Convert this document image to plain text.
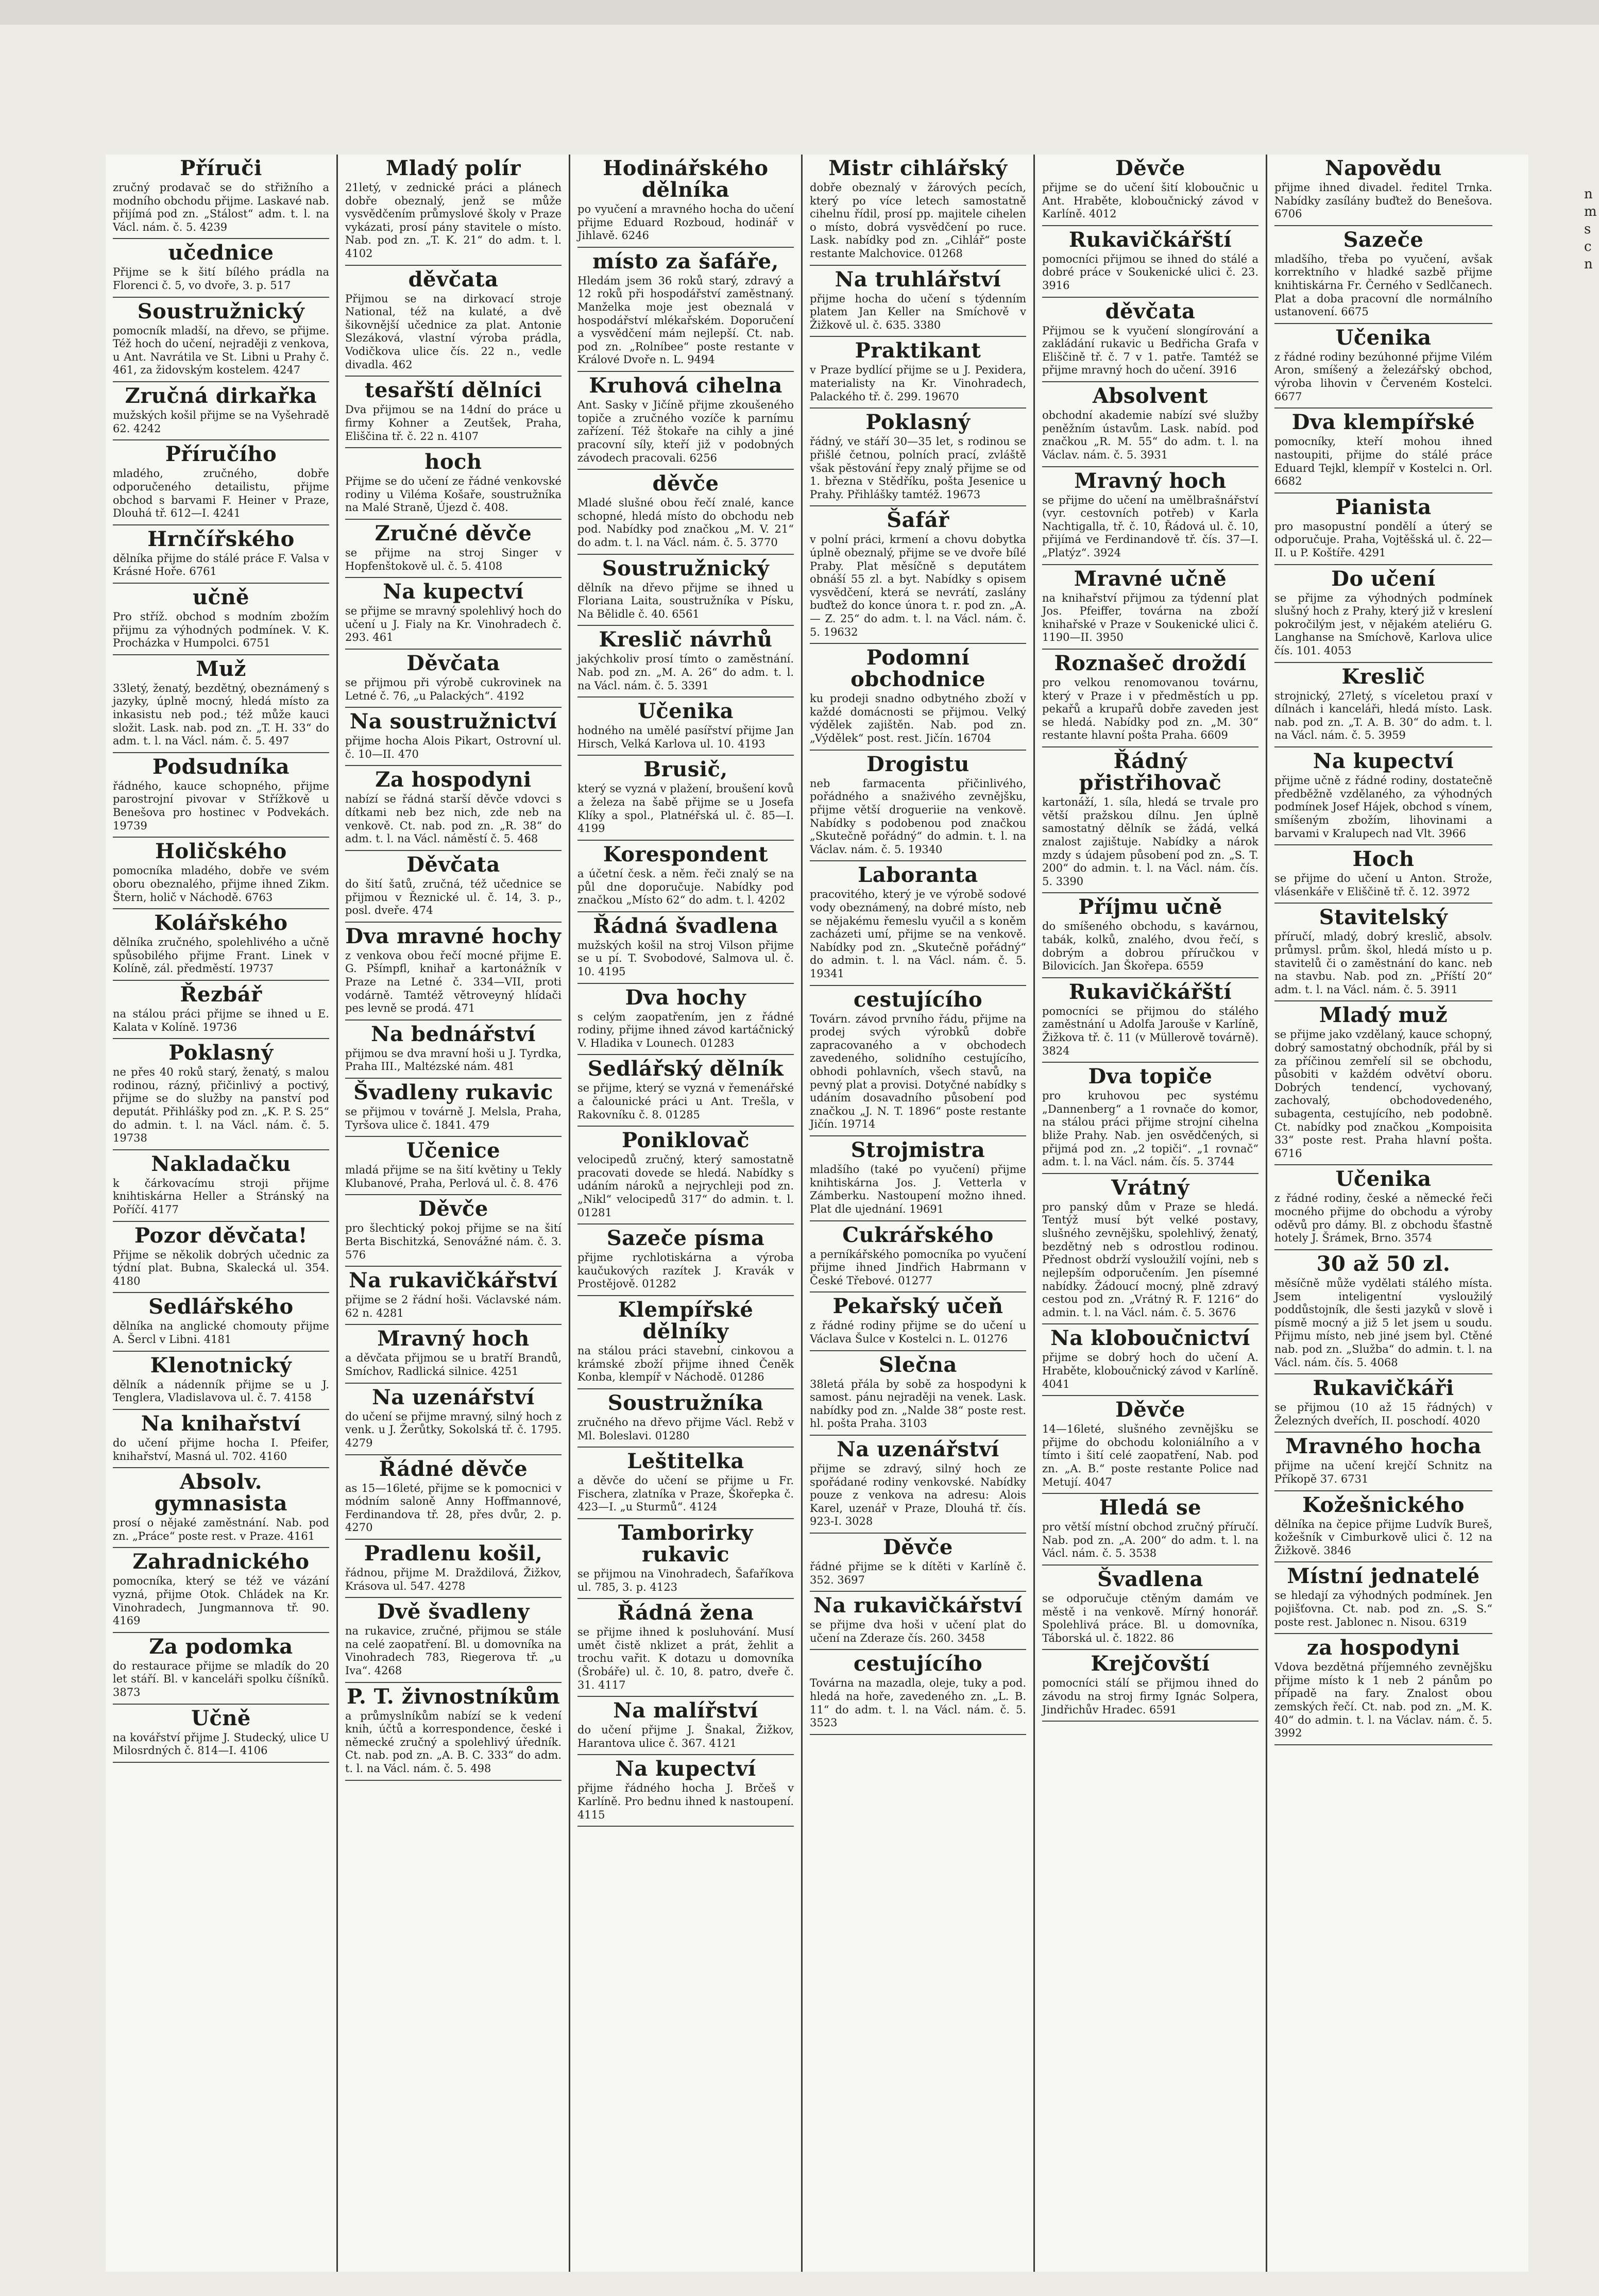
Příruči

zručný prodavač se do střižního a modního obchodu přijme. Laskavé nab. přijímá pod zn. „Stálost“ adm. t. l. na Václ. nám. č. 5. 4239

učednice

Přijme se k šití bílého prádla na Florenci č. 5, vo dvoře, 3. p. 517

Soustružnický

pomocník mladší, na dřevo, se přijme. Též hoch do učení, nejraději z venkova, u Ant. Navrátila ve St. Libni u Prahy č. 461, za židovským kostelem. 4247

Zručná dirkařka

mužských košil přijme se na Vyšehradě 62. 4242

Příručího

mladého, zručného, dobře odporučeného detailistu, přijme obchod s barvami F. Heiner v Praze, Dlouhá tř. 612—I. 4241

Hrnčířského

dělníka přijme do stálé práce F. Valsa v Krásné Hoře. 6761

učně

Pro stříž. obchod s modním zbožím přijmu za výhodných podmínek. V. K. Procházka v Humpolci. 6751

Muž

33letý, ženatý, bezdětný, obeznámený s jazyky, úplně mocný, hledá místo za inkasistu neb pod.; též může kauci složit. Lask. nab. pod zn. „T. H. 33“ do adm. t. l. na Václ. nám. č. 5. 497

Podsudníka

řádného, kauce schopného, přijme parostrojní pivovar v Střížkově u Benešova pro hostinec v Podvekách. 19739

Holičského

pomocníka mladého, dobře ve svém oboru obeznalého, přijme ihned Zikm. Štern, holič v Náchodě. 6763

Kolářského

dělníka zručného, spolehlivého a učně spůsobilého přijme Frant. Linek v Kolíně, zál. předměstí. 19737

Řezbář

na stálou práci přijme se ihned u E. Kalata v Kolíně. 19736

Poklasný

ne přes 40 roků starý, ženatý, s malou rodinou, rázný, přičinlivý a poctivý, přijme se do služby na panství pod deputát. Přihlášky pod zn. „K. P. S. 25“ do admin. t. l. na Václ. nám. č. 5. 19738

Nakladačku

k čárkovacímu stroji přijme knihtiskárna Heller a Stránský na Poříčí. 4177

Pozor děvčata!

Přijme se několik dobrých učednic za týdní plat. Bubna, Skalecká ul. 354. 4180

Sedlářského

dělníka na anglické chomouty přijme A. Šercl v Libni. 4181

Klenotnický

dělník a nádenník přijme se u J. Tenglera, Vladislavova ul. č. 7. 4158

Na knihařství

do učení přijme hocha I. Pfeifer, knihařství, Masná ul. 702. 4160

Absolv. gymnasista

prosí o nějaké zaměstnání. Nab. pod zn. „Práce“ poste rest. v Praze. 4161

Zahradnického

pomocníka, který se též ve vázání vyzná, přijme Otok. Chládek na Kr. Vinohradech, Jungmannova tř. 90. 4169

Za podomka

do restaurace přijme se mladík do 20 let stáří. Bl. v kanceláři spolku číšníků. 3873

Učně

na kovářství přijme J. Studecký, ulice U Milosrdných č. 814—I. 4106

Mladý polír

21letý, v zednické práci a plánech dobře obeznalý, jenž se může vysvědčením průmyslové školy v Praze vykázati, prosí pány stavitele o místo. Nab. pod zn. „T. K. 21“ do adm. t. l. 4102

děvčata

Přijmou se na dirkovací stroje National, též na kulaté, a dvě šikovnější učednice za plat. Antonie Slezáková, vlastní výroba prádla, Vodičkova ulice čís. 22 n., vedle divadla. 462

tesařští dělníci

Dva přijmou se na 14dní do práce u firmy Kohner a Zeutšek, Praha, Eliščina tř. č. 22 n. 4107

hoch

Přijme se do učení ze řádné venkovské rodiny u Viléma Košaře, soustružníka na Malé Straně, Újezd č. 408.

Zručné děvče

se přijme na stroj Singer v Hopfenštokově ul. č. 5. 4108

Na kupectví

se přijme se mravný spolehlivý hoch do učení u J. Fialy na Kr. Vinohradech č. 293. 461

Děvčata

se přijmou při výrobě cukrovinek na Letné č. 76, „u Palackých“. 4192

Na soustružnictví

přijme hocha Alois Pikart, Ostrovní ul. č. 10—II. 470

Za hospodyni

nabízí se řádná starší děvče vdovci s dítkami neb bez nich, zde neb na venkově. Ct. nab. pod zn. „R. 38“ do adm. t. l. na Václ. náměstí č. 5. 468

Děvčata

do šití šatů, zručná, též učednice se přijmou v Řeznické ul. č. 14, 3. p., posl. dveře. 474

Dva mravné hochy

z venkova obou řečí mocné přijme E. G. Pšímpfl, knihař a kartonážník v Praze na Letné č. 334—VII, proti vodárně. Tamtéž větroveyný hlídači pes levně se prodá. 471

Na bednářství

přijmou se dva mravní hoši u J. Tyrdka, Praha III., Maltézské nám. 481

Švadleny rukavic

se přijmou v továrně J. Melsla, Praha, Tyršova ulice č. 1841. 479

Učenice

mladá přijme se na šití květiny u Tekly Klubanové, Praha, Perlová ul. č. 8. 476

Děvče

pro šlechtický pokoj přijme se na šití Berta Bischitzká, Senovážné nám. č. 3. 576

Na rukavičkářství

přijme se 2 řádní hoši. Václavské nám. 62 n. 4281

Mravný hoch

a děvčata přijmou se u bratří Brandů, Smíchov, Radlická silnice. 4251

Na uzenářství

do učení se přijme mravný, silný hoch z venk. u J. Žerůtky, Sokolská tř. č. 1795. 4279

Řádné děvče

as 15—16leté, přijme se k pomocnici v módním saloně Anny Hoffmannové, Ferdinandova tř. 28, přes dvůr, 2. p. 4270

Pradlenu košil,

řádnou, přijme M. Draždilová, Žižkov, Krásova ul. 547. 4278

Dvě švadleny

na rukavice, zručné, přijmou se stále na celé zaopatření. Bl. u domovníka na Vinohradech 783, Riegerova tř. „u Iva“. 4268

P. T. živnostníkům

a průmyslníkům nabízí se k vedení knih, účtů a korrespondence, české i německé zručný a spolehlivý úředník. Ct. nab. pod zn. „A. B. C. 333“ do adm. t. l. na Václ. nám. č. 5. 498

Hodinářského dělníka

po vyučení a mravného hocha do učení přijme Eduard Rozboud, hodinář v Jihlavě. 6246

místo za šafáře,

Hledám jsem 36 roků starý, zdravý a 12 roků při hospodářství zaměstnaný. Manželka moje jest obeznalá v hospodářství mlékařském. Doporučení a vysvědčení mám nejlepší. Ct. nab. pod zn. „Rolníbee“ poste restante v Králové Dvoře n. L. 9494

Kruhová cihelna

Ant. Sasky v Jičíně přijme zkoušeného topiče a zručného vozíče k parnímu zařízení. Též štokaře na cihly a jiné pracovní síly, kteří již v podobných závodech pracovali. 6256

děvče

Mladé slušné obou řečí znalé, kance schopné, hledá místo do obchodu neb pod. Nabídky pod značkou „M. V. 21“ do adm. t. l. na Václ. nám. č. 5. 3770

Soustružnický

dělník na dřevo přijme se ihned u Floriana Laita, soustružníka v Písku, Na Bělidle č. 40. 6561

Kreslič návrhů

jakýchkoliv prosí tímto o zaměstnání. Nab. pod zn. „M. A. 26“ do adm. t. l. na Václ. nám. č. 5. 3391

Učenika

hodného na umělé pasířství přijme Jan Hirsch, Velká Karlova ul. 10. 4193

Brusič,

který se vyzná v plažení, broušení kovů a železa na šabě přijme se u Josefa Klíky a spol., Platnéřská ul. č. 85—I. 4199

Korespondent

a účetní česk. a něm. řeči znalý se na půl dne doporučuje. Nabídky pod značkou „Místo 62“ do adm. t. l. 4202

Řádná švadlena

mužských košil na stroj Vilson přijme se u pí. T. Svobodové, Salmova ul. č. 10. 4195

Dva hochy

s celým zaopatřením, jen z řádné rodiny, přijme ihned závod kartáčnický V. Hladika v Lounech. 01283

Sedlářský dělník

se přijme, který se vyzná v řemenářské a čalounické práci u Ant. Trešla, v Rakovníku č. 8. 01285

Poniklovač

velocipedů zručný, který samostatně pracovati dovede se hledá. Nabídky s udáním nároků a nejrychleji pod zn. „Nikl“ velocipedů 317“ do admin. t. l. 01281

Sazeče písma

přijme rychlotiskárna a výroba kaučukových razítek J. Kravák v Prostějově. 01282

Klempířské dělníky

na stálou práci stavební, cinkovou a krámské zboží přijme ihned Čeněk Konba, klempíř v Náchodě. 01286

Soustružníka

zručného na dřevo přijme Václ. Rebž v Ml. Boleslavi. 01280

Leštitelka

a děvče do učení se přijme u Fr. Fischera, zlatníka v Praze, Škořepka č. 423—I. „u Sturmů“. 4124

Tamborirky rukavic

se přijmou na Vinohradech, Šafaříkova ul. 785, 3. p. 4123

Řádná žena

se přijme ihned k posluhování. Musí umět čistě nklizet a prát, žehlit a trochu vařit. K dotazu u domovníka (Šrobáře) ul. č. 10, 8. patro, dveře č. 31. 4117

Na malířství

do učení přijme J. Šnakal, Žižkov, Harantova ulice č. 367. 4121

Na kupectví

přijme řádného hocha J. Brčeš v Karlíně. Pro bednu ihned k nastoupení. 4115

Mistr cihlářský

dobře obeznalý v žárových pecích, který po více letech samostatně cihelnu řídil, prosí pp. majitele cihelen o místo, dobrá vysvědčení po ruce. Lask. nabídky pod zn. „Cihlář“ poste restante Malchovice. 01268

Na truhlářství

přijme hocha do učení s týdenním platem Jan Keller na Smíchově v Žižkově ul. č. 635. 3380

Praktikant

v Praze bydlící přijme se u J. Pexidera, materialisty na Kr. Vinohradech, Palackého tř. č. 299. 19670

Poklasný

řádný, ve stáří 30—35 let, s rodinou se přišlé četnou, polních prací, zvláště však pěstování řepy znalý přijme se od 1. března v Stědříku, pošta Jesenice u Prahy. Přihlášky tamtéž. 19673

Šafář

v polní práci, krmení a chovu dobytka úplně obeznalý, přijme se ve dvoře bílé Praby. Plat měsíčně s deputátem obnáší 55 zl. a byt. Nabídky s opisem vysvědčení, která se nevrátí, zaslány buďtež do konce února t. r. pod zn. „A. — Z. 25“ do adm. t. l. na Václ. nám. č. 5. 19632

Podomní obchodnice

ku prodeji snadno odbytného zboží v každé domácnosti se přijmou. Velký výdělek zajištěn. Nab. pod zn. „Výdělek“ post. rest. Jičín. 16704

Drogistu

neb farmacenta přičinlivého, pořádného a snaživého zevnějšku, přijme větší drogueriie na venkově. Nabídky s podobenou pod značkou „Skutečně pořádný“ do admin. t. l. na Václav. nám. č. 5. 19340

Laboranta

pracovitého, který je ve výrobě sodové vody obeznámený, na dobré místo, neb se nějakému řemeslu vyučil a s koněm zacházeti umí, přijme se na venkově. Nabídky pod zn. „Skutečně pořádný“ do admin. t. l. na Václ. nám. č. 5. 19341

cestujícího

Továrn. závod prvního řádu, přijme na prodej svých výrobků dobře zapracovaného a v obchodech zavedeného, solidního cestujícího, obhodi pohlavních, všech stavů, na pevný plat a provisi. Dotyčné nabídky s udáním dosavadního působení pod značkou „J. N. T. 1896“ poste restante Jičín. 19714

Strojmistra

mladšího (také po vyučení) přijme knihtiskárna Jos. J. Vetterla v Zámberku. Nastoupení možno ihned. Plat dle ujednání. 19691

Cukrářského

a perníkářského pomocníka po vyučení přijme ihned Jindřich Habrmann v České Třebové. 01277

Pekařský učeň

z řádné rodiny přijme se do učení u Václava Šulce v Kostelci n. L. 01276

Slečna

38letá přála by sobě za hospodyni k samost. pánu nejraději na venek. Lask. nabídky pod zn. „Nalde 38“ poste rest. hl. pošta Praha. 3103

Na uzenářství

přijme se zdravý, silný hoch ze spořádané rodiny venkovské. Nabídky pouze z venkova na adresu: Alois Karel, uzenář v Praze, Dlouhá tř. čís. 923-I. 3028

Děvče

řádné přijme se k dítěti v Karlíně č. 352. 3697

Na rukavičkářství

se přijme dva hoši v učení plat do učení na Zderaze čís. 260. 3458

cestujícího

Továrna na mazadla, oleje, tuky a pod. hledá na hoře, zavedeného zn. „L. B. 11“ do adm. t. l. na Václ. nám. č. 5. 3523

Děvče

přijme se do učení šití kloboučnic u Ant. Hraběte, kloboučnický závod v Karlíně. 4012

Rukavičkářští

pomocníci přijmou se ihned do stálé a dobré práce v Soukenické ulici č. 23. 3916

děvčata

Přijmou se k vyučení slongírování a zakládání rukavic u Bedřicha Grafa v Eliščině tř. č. 7 v 1. patře. Tamtéž se přijme mravný hoch do učení. 3916

Absolvent

obchodní akademie nabízí své služby peněžním ústavům. Lask. nabíd. pod značkou „R. M. 55“ do adm. t. l. na Václav. nám. č. 5. 3931

Mravný hoch

se přijme do učení na umělbrašnářství (vyr. cestovních potřeb) v Karla Nachtigalla, tř. č. 10, Řádová ul. č. 10, přijímá ve Ferdinandově tř. čís. 37—I. „Platýz“. 3924

Mravné učně

na knihařství přijmou za týdenní plat Jos. Pfeiffer, továrna na zboží knihařské v Praze v Soukenické ulici č. 1190—II. 3950

Roznašeč droždí

pro velkou renomovanou továrnu, který v Praze i v předměstích u pp. pekařů a krupařů dobře zaveden jest se hledá. Nabídky pod zn. „M. 30“ restante hlavní pošta Praha. 6609

Řádný přistřihovač

kartonáží, 1. síla, hledá se trvale pro větší pražskou dílnu. Jen úplně samostatný dělník se žádá, velká znalost zajištuje. Nabídky a nárok mzdy s údajem působení pod zn. „S. T. 200“ do admin. t. l. na Václ. nám. čís. 5. 3390

Příjmu učně

do smíšeného obchodu, s kavárnou, tabák, kolků, znalého, dvou řečí, s dobrým a dobrou příručkou v Bilovicích. Jan Škořepa. 6559

Rukavičkářští

pomocníci se přijmou do stálého zaměstnání u Adolfa Jarouše v Karlíně, Žižkova tř. č. 11 (v Müllerově továrně). 3824

Dva topiče

pro kruhovou pec systému „Dannenberg“ a 1 rovnače do komor, na stálou práci přijme strojní cihelna bliže Prahy. Nab. jen osvědčených, si přijmá pod zn. „2 topiči“. „1 rovnač“ adm. t. l. na Václ. nám. čís. 5. 3744

Vrátný

pro panský dům v Praze se hledá. Tentýž musí být velké postavy, slušného zevnějšku, spolehlivý, ženatý, bezdětný neb s odrostlou rodinou. Přednost obdrží vysloužilí vojíni, neb s nejlepším odporučením. Jen písemné nabídky. Žádoucí mocný, plně zdravý cestou pod zn. „Vrátný R. F. 1216“ do admin. t. l. na Václ. nám. č. 5. 3676

Na kloboučnictví

přijme se dobrý hoch do učení A. Hraběte, kloboučnický závod v Karlíně. 4041

Děvče

14—16leté, slušného zevnějšku se přijme do obchodu koloniálního a v tímto i šití celé zaopatření, Nab. pod zn. „A. B.“ poste restante Police nad Metují. 4047

Hledá se

pro větší místní obchod zručný příručí. Nab. pod zn. „A. 200“ do adm. t. l. na Václ. nám. č. 5. 3538

Švadlena

se odporučuje ctěným damám ve městě i na venkově. Mírný honorář. Spolehlivá práce. Bl. u domovníka, Táborská ul. č. 1822. 86

Krejčovští

pomocníci stálí se přijmou ihned do závodu na stroj firmy Ignác Solpera, Jindřichův Hradec. 6591

Napovědu

přijme ihned divadel. ředitel Trnka. Nabídky zasílány buďtež do Benešova. 6706

Sazeče

mladšího, třeba po vyučení, avšak korrektního v hladké sazbě přijme knihtiskárna Fr. Černého v Sedlčanech. Plat a doba pracovní dle normálního ustanovení. 6675

Učenika

z řádné rodiny bezúhonné přijme Vilém Aron, smíšený a železářský obchod, výroba lihovin v Červeném Kostelci. 6677

Dva klempířské

pomocníky, kteří mohou ihned nastoupiti, přijme do stálé práce Eduard Tejkl, klempíř v Kostelci n. Orl. 6682

Pianista

pro masopustní pondělí a úterý se odporučuje. Praha, Vojtěšská ul. č. 22—II. u P. Koštíře. 4291

Do učení

se přijme za výhodných podmínek slušný hoch z Prahy, který již v kreslení pokročilým jest, v nějakém ateliéru G. Langhanse na Smíchově, Karlova ulice čís. 101. 4053

Kreslič

strojnický, 27letý, s víceletou praxí v dílnách i kanceláři, hledá místo. Lask. nab. pod zn. „T. A. B. 30“ do adm. t. l. na Václ. nám. č. 5. 3959

Na kupectví

přijme učně z řádné rodiny, dostatečně předběžně vzdělaného, za výhodných podmínek Josef Hájek, obchod s vínem, smíšeným zbožím, lihovinami a barvami v Kralupech nad Vlt. 3966

Hoch

se přijme do učení u Anton. Strože, vlásenkáře v Eliščině tř. č. 12. 3972

Stavitelský

příručí, mladý, dobrý kreslič, absolv. průmysl. prům. škol, hledá místo u p. stavitelů či o zaměstnání do kanc. neb na stavbu. Nab. pod zn. „Příští 20“ adm. t. l. na Václ. nám. č. 5. 3911

Mladý muž

se přijme jako vzdělaný, kauce schopný, dobrý samostatný obchodník, přál by si za příčinou zemřelí sil se obchodu, působiti v každém odvětví oboru. Dobrých tendencí, vychovaný, zachovalý, obchodovedeného, subagenta, cestujícího, neb podobně. Ct. nabídky pod značkou „Kompoisita 33“ poste rest. Praha hlavní pošta. 6716

Učenika

z řádné rodiny, české a německé řeči mocného přijme do obchodu a výroby oděvů pro dámy. Bl. z obchodu šťastně hotely J. Šrámek, Brno. 3574

30 až 50 zl.

měsíčně může vydělati stálého místa. Jsem inteligentní vysloužilý poddůstojník, dle šesti jazyků v slově i písmě mocný a již 5 let jsem u soudu. Přijmu místo, neb jiné jsem byl. Ctěné nab. pod zn. „Služba“ do admin. t. l. na Václ. nám. čís. 5. 4068

Rukavičkáři

se přijmou (10 až 15 řádných) v Železných dveřích, II. poschodí. 4020

Mravného hocha

přijme na učení krejčí Schnitz na Příkopě 37. 6731

Kožešnického

dělníka na čepice přijme Ludvík Bureš, kožešník v Cimburkově ulici č. 12 na Žižkově. 3846

Místní jednatelé

se hledají za výhodných podmínek. Jen pojišťovna. Ct. nab. pod zn. „S. S.“ poste rest. Jablonec n. Nisou. 6319

za hospodyni

Vdova bezdětná příjemného zevnějšku přijme místo k 1 neb 2 pánům po případě na fary. Znalost obou zemských řečí. Ct. nab. pod zn. „M. K. 40“ do admin. t. l. na Václav. nám. č. 5. 3992

nmscn
